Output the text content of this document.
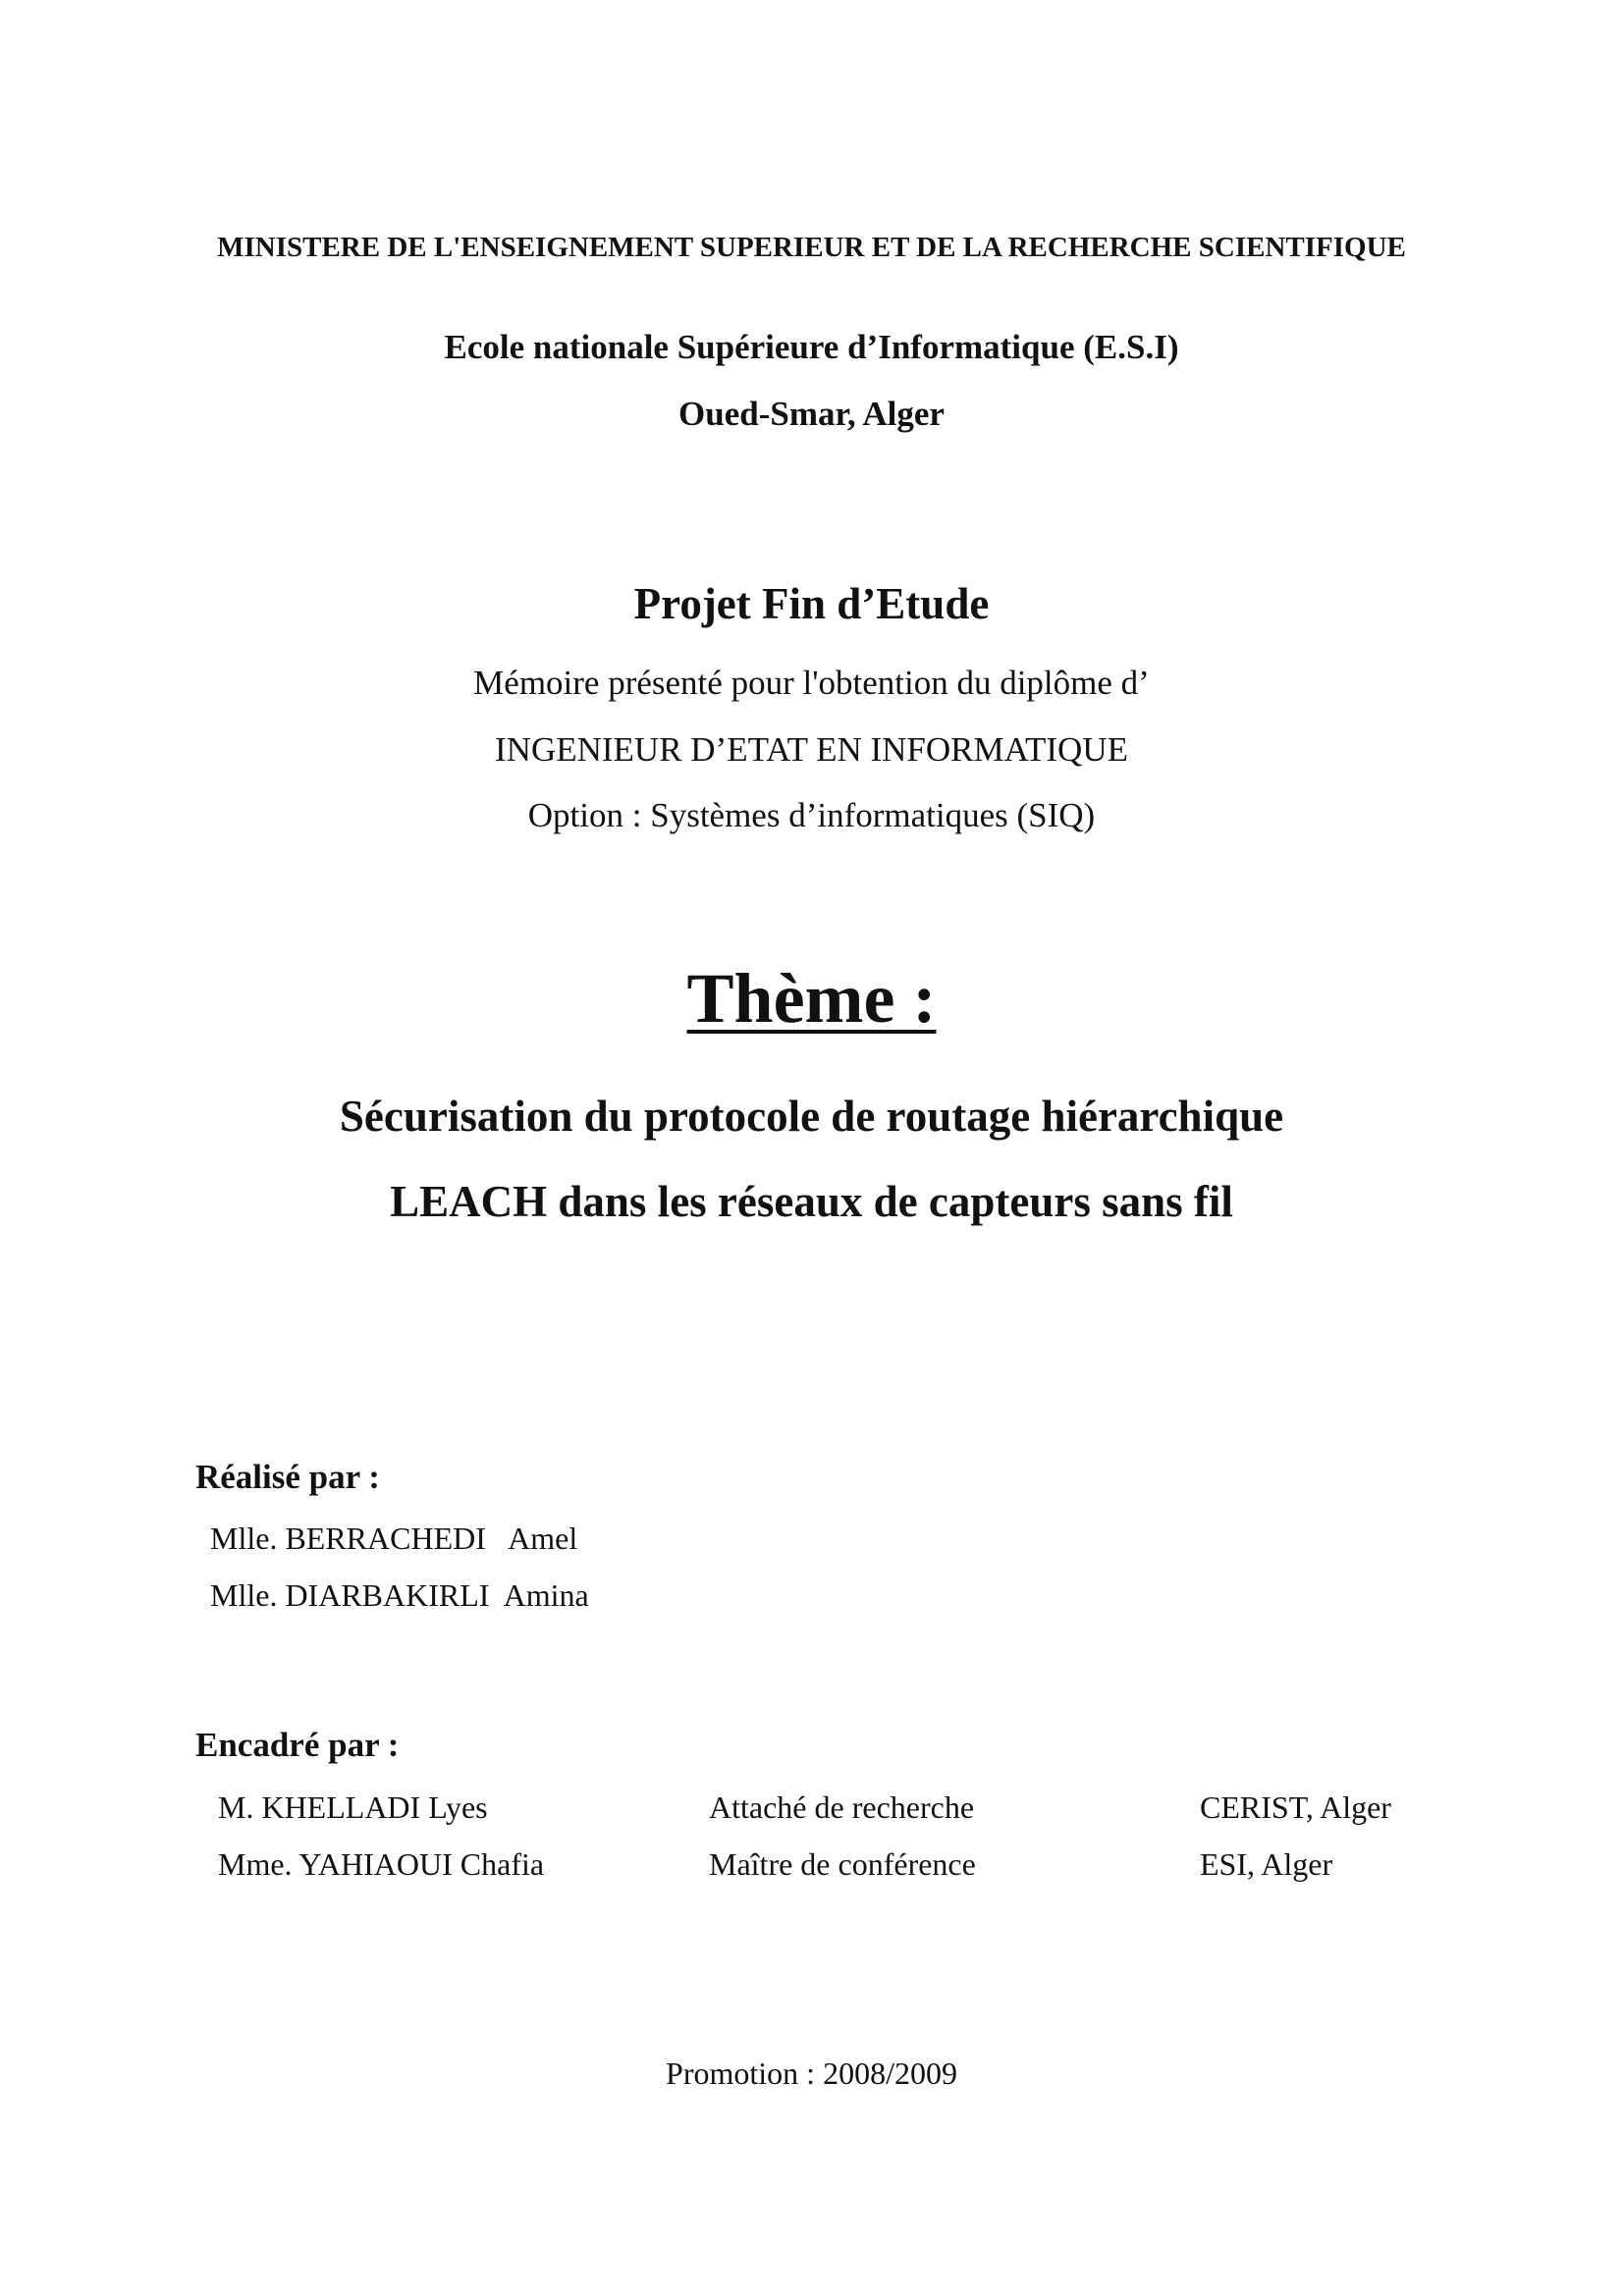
MINISTERE DE L'ENSEIGNEMENT SUPERIEUR ET DE LA RECHERCHE SCIENTIFIQUE
Ecole nationale Supérieure d’Informatique (E.S.I)
Oued-Smar, Alger
Projet Fin d’Etude
Mémoire présenté pour l'obtention du diplôme d’
INGENIEUR D’ETAT EN INFORMATIQUE
Option : Systèmes d’informatiques (SIQ)
Thème :
Sécurisation du protocole de routage hiérarchique
LEACH dans les réseaux de capteurs sans fil
Réalisé par :
Mlle. BERRACHEDI   Amel
Mlle. DIARBAKIRLI  Amina
Encadré par :
M. KHELLADI Lyes	Attaché de recherche	CERIST, Alger
Mme. YAHIAOUI Chafia	Maître de conférence	ESI, Alger
Promotion : 2008/2009
